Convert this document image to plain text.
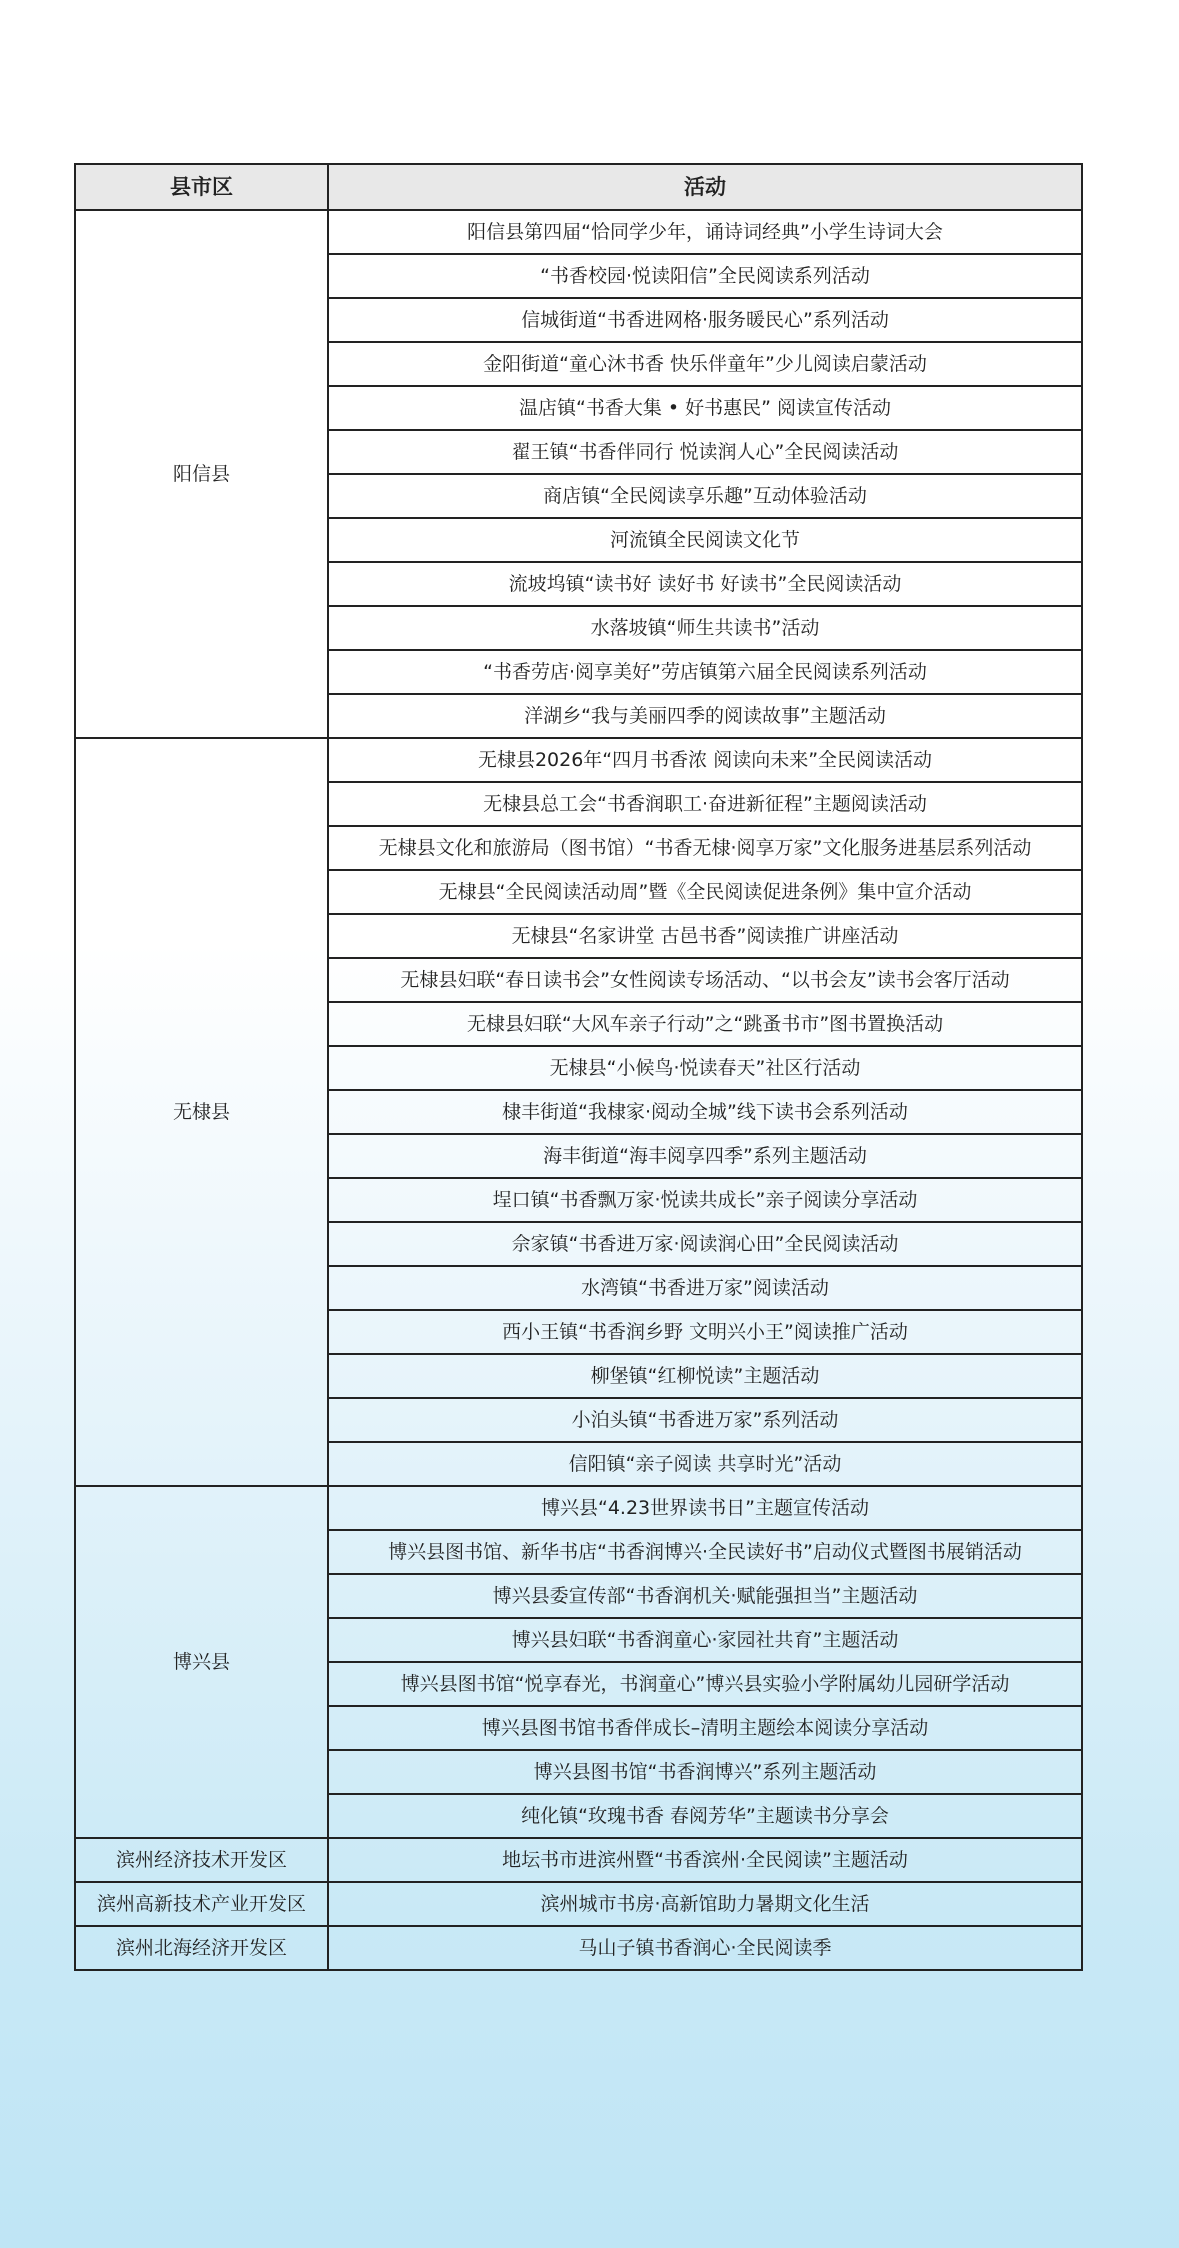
县市区	活动
阳信县	阳信县第四届“恰同学少年，诵诗词经典”小学生诗词大会
	“书香校园·悦读阳信”全民阅读系列活动
	信城街道“书香进网格·服务暖民心”系列活动
	金阳街道“童心沐书香 快乐伴童年”少儿阅读启蒙活动
	温店镇“书香大集 • 好书惠民” 阅读宣传活动
	翟王镇“书香伴同行 悦读润人心”全民阅读活动
	商店镇“全民阅读享乐趣”互动体验活动
	河流镇全民阅读文化节
	流坡坞镇“读书好 读好书 好读书”全民阅读活动
	水落坡镇“师生共读书”活动
	“书香劳店·阅享美好”劳店镇第六届全民阅读系列活动
	洋湖乡“我与美丽四季的阅读故事”主题活动
无棣县	无棣县2026年“四月书香浓 阅读向未来”全民阅读活动
	无棣县总工会“书香润职工·奋进新征程”主题阅读活动
	无棣县文化和旅游局（图书馆）“书香无棣·阅享万家”文化服务进基层系列活动
	无棣县“全民阅读活动周”暨《全民阅读促进条例》集中宣介活动
	无棣县“名家讲堂 古邑书香”阅读推广讲座活动
	无棣县妇联“春日读书会”女性阅读专场活动、“以书会友”读书会客厅活动
	无棣县妇联“大风车亲子行动”之“跳蚤书市”图书置换活动
	无棣县“小候鸟·悦读春天”社区行活动
	棣丰街道“我棣家·阅动全城”线下读书会系列活动
	海丰街道“海丰阅享四季”系列主题活动
	埕口镇“书香飘万家·悦读共成长”亲子阅读分享活动
	佘家镇“书香进万家·阅读润心田”全民阅读活动
	水湾镇“书香进万家”阅读活动
	西小王镇“书香润乡野 文明兴小王”阅读推广活动
	柳堡镇“红柳悦读”主题活动
	小泊头镇“书香进万家”系列活动
	信阳镇“亲子阅读 共享时光”活动
博兴县	博兴县“4.23世界读书日”主题宣传活动
	博兴县图书馆、新华书店“书香润博兴·全民读好书”启动仪式暨图书展销活动
	博兴县委宣传部“书香润机关·赋能强担当”主题活动
	博兴县妇联“书香润童心·家园社共育”主题活动
	博兴县图书馆“悦享春光，书润童心”博兴县实验小学附属幼儿园研学活动
	博兴县图书馆书香伴成长–清明主题绘本阅读分享活动
	博兴县图书馆“书香润博兴”系列主题活动
	纯化镇“玫瑰书香 春阅芳华”主题读书分享会
滨州经济技术开发区	地坛书市进滨州暨“书香滨州·全民阅读”主题活动
滨州高新技术产业开发区	滨州城市书房·高新馆助力暑期文化生活
滨州北海经济开发区	马山子镇书香润心·全民阅读季
